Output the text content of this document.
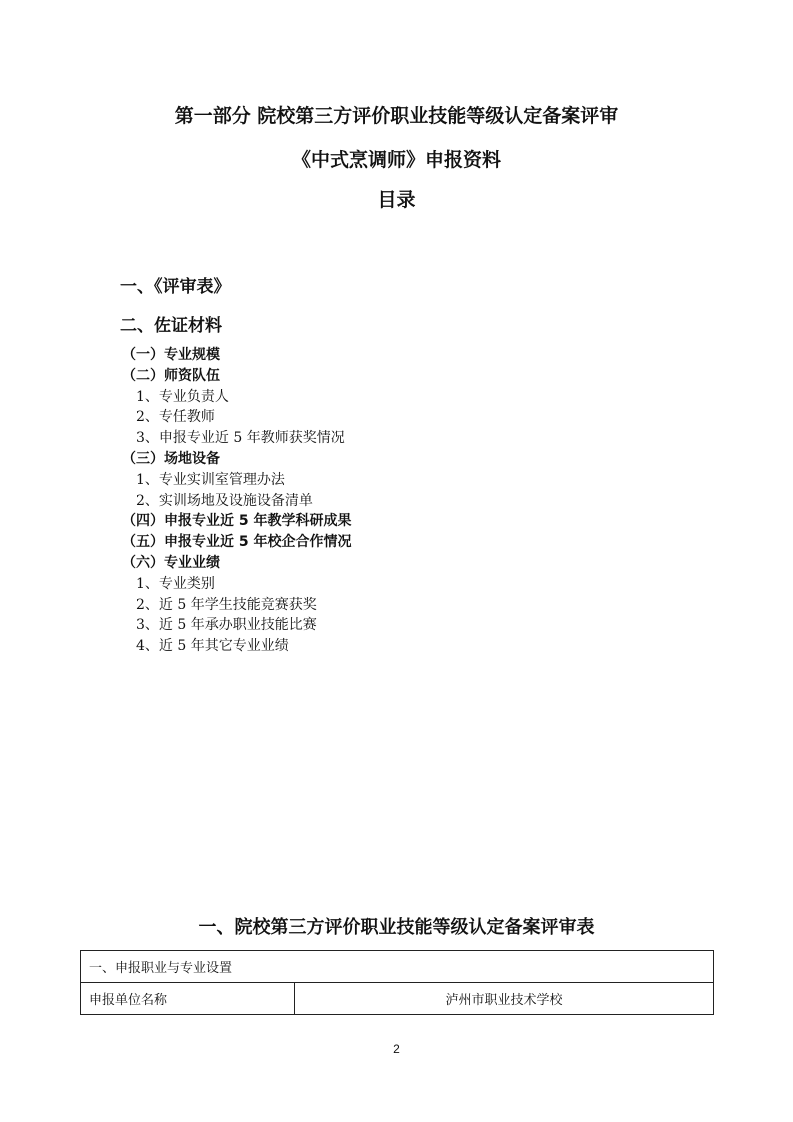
第一部分 院校第三方评价职业技能等级认定备案评审
《中式烹调师》申报资料
目录

一、《评审表》

二、佐证材料

（一）专业规模
（二）师资队伍
1、专业负责人
2、专任教师
3、申报专业近 5 年教师获奖情况
（三）场地设备
1、专业实训室管理办法
2、实训场地及设施设备清单
（四）申报专业近 5 年教学科研成果
（五）申报专业近 5 年校企合作情况
（六）专业业绩
1、专业类别
2、近 5 年学生技能竞赛获奖
3、近 5 年承办职业技能比赛
4、近 5 年其它专业业绩
一、院校第三方评价职业技能等级认定备案评审表
一、申报职业与专业设置
申报单位名称	泸州市职业技术学校
2
